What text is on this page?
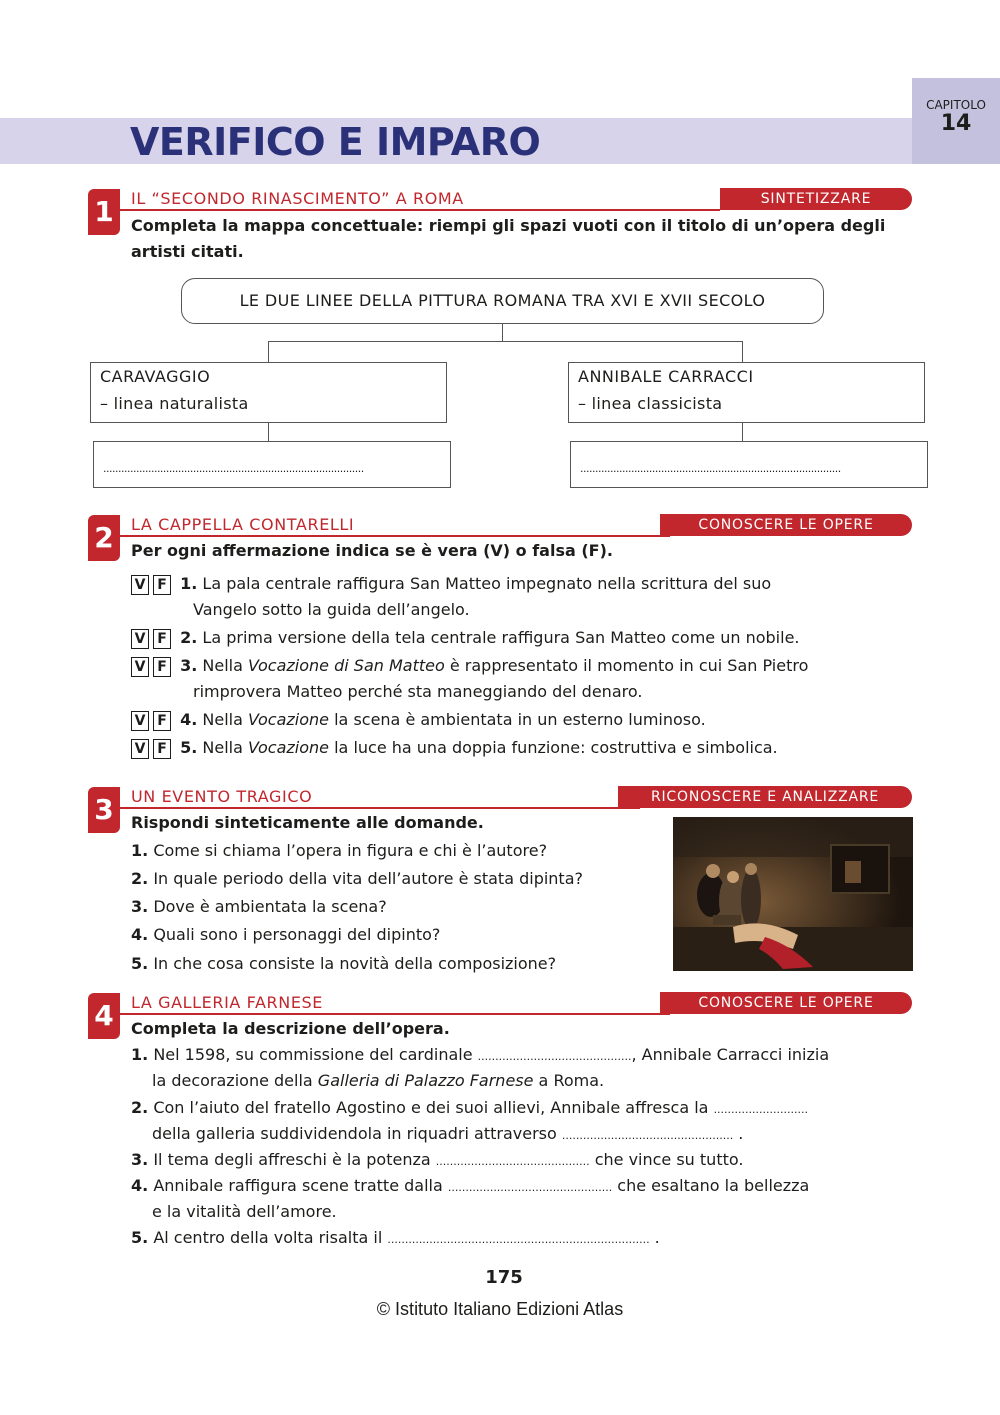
VERIFICO E IMPARO
CAPITOLO
14
1	IL “SECONDO RINASCIMENTO” A ROMA	SINTETIZZARE
Completa la mappa concettuale: riempi gli spazi vuoti con il titolo di un’opera degli artisti citati.
LE DUE LINEE DELLA PITTURA ROMANA TRA XVI E XVII SECOLO
CARAVAGGIO
– linea naturalista
ANNIBALE CARRACCI
– linea classicista
.......................................................................................	.......................................................................................
2	LA CAPPELLA CONTARELLI	CONOSCERE LE OPERE
Per ogni affermazione indica se è vera (V) o falsa (F).
V F 1. La pala centrale raffigura San Matteo impegnato nella scrittura del suo
Vangelo sotto la guida dell’angelo.
V F 2. La prima versione della tela centrale raffigura San Matteo come un nobile.
V F 3. Nella Vocazione di San Matteo è rappresentato il momento in cui San Pietro
rimprovera Matteo perché sta maneggiando del denaro.
V F 4. Nella Vocazione la scena è ambientata in un esterno luminoso.
V F 5. Nella Vocazione la luce ha una doppia funzione: costruttiva e simbolica.
3	UN EVENTO TRAGICO	RICONOSCERE E ANALIZZARE
Rispondi sinteticamente alle domande.
1. Come si chiama l’opera in figura e chi è l’autore?
2. In quale periodo della vita dell’autore è stata dipinta?
3. Dove è ambientata la scena?
4. Quali sono i personaggi del dipinto?
5. In che cosa consiste la novità della composizione?
4	LA GALLERIA FARNESE	CONOSCERE LE OPERE
Completa la descrizione dell’opera.
1. Nel 1598, su commissione del cardinale ............................................, Annibale Carracci inizia
la decorazione della Galleria di Palazzo Farnese a Roma.
2. Con l’aiuto del fratello Agostino e dei suoi allievi, Annibale affresca la ...........................
della galleria suddividendola in riquadri attraverso ................................................. .
3. Il tema degli affreschi è la potenza ............................................ che vince su tutto.
4. Annibale raffigura scene tratte dalla ............................................... che esaltano la bellezza
e la vitalità dell’amore.
5. Al centro della volta risalta il ........................................................................... .
175
© Istituto Italiano Edizioni Atlas
